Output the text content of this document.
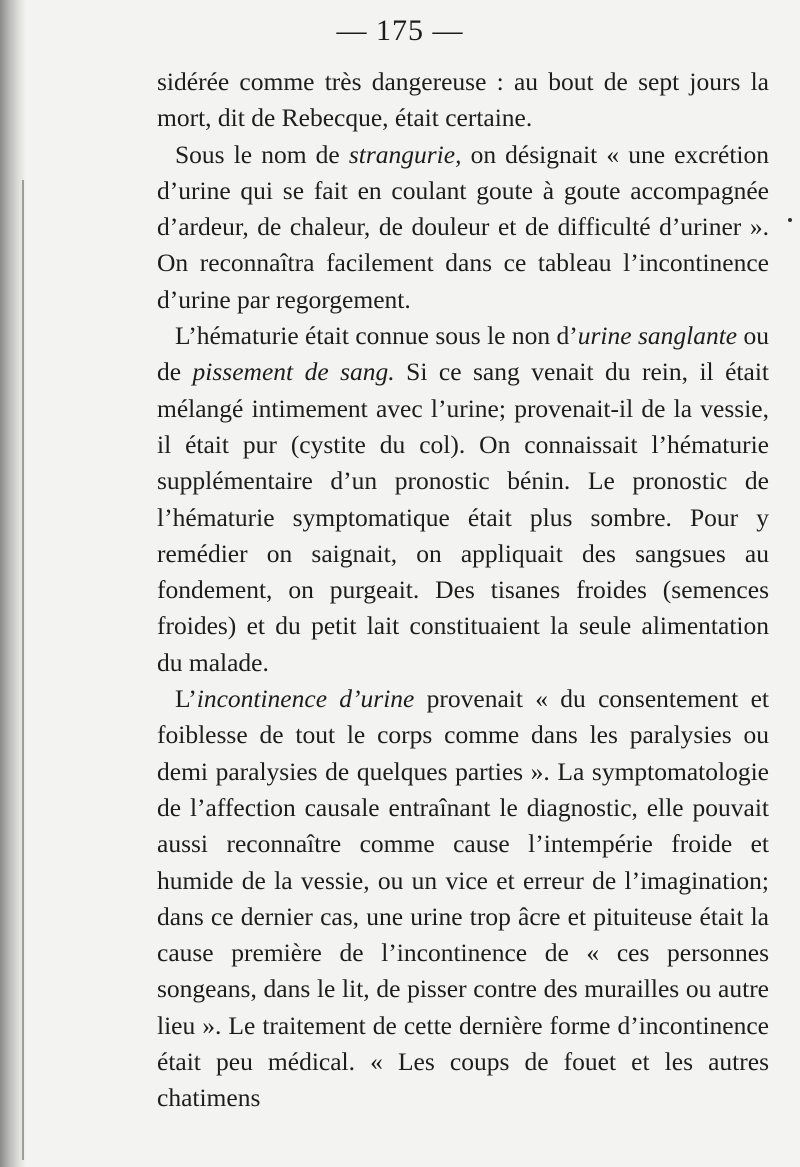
— 175 —

sidérée comme très dangereuse : au bout de sept jours la mort, dit de Rebecque, était certaine.

Sous le nom de strangurie, on désignait « une excrétion d’urine qui se fait en coulant goute à goute accompagnée d’ardeur, de chaleur, de douleur et de difficulté d’uriner ». On reconnaîtra facilement dans ce tableau l’incontinence d’urine par regorgement.

L’hématurie était connue sous le non d’urine sanglante ou de pissement de sang. Si ce sang venait du rein, il était mélangé intimement avec l’urine; provenait-il de la vessie, il était pur (cystite du col). On connaissait l’hématurie supplémentaire d’un pronostic bénin. Le pronostic de l’hématurie symptomatique était plus sombre. Pour y remédier on saignait, on appliquait des sangsues au fondement, on purgeait. Des tisanes froides (semences froides) et du petit lait constituaient la seule alimentation du malade.

L’incontinence d’urine provenait « du consentement et foiblesse de tout le corps comme dans les paralysies ou demi paralysies de quelques parties ». La symptomatologie de l’affection causale entraînant le diagnostic, elle pouvait aussi reconnaître comme cause l’intempérie froide et humide de la vessie, ou un vice et erreur de l’imagination; dans ce dernier cas, une urine trop âcre et pituiteuse était la cause première de l’incontinence de « ces personnes songeans, dans le lit, de pisser contre des murailles ou autre lieu ». Le traitement de cette dernière forme d’incontinence était peu médical. « Les coups de fouet et les autres chatimens
